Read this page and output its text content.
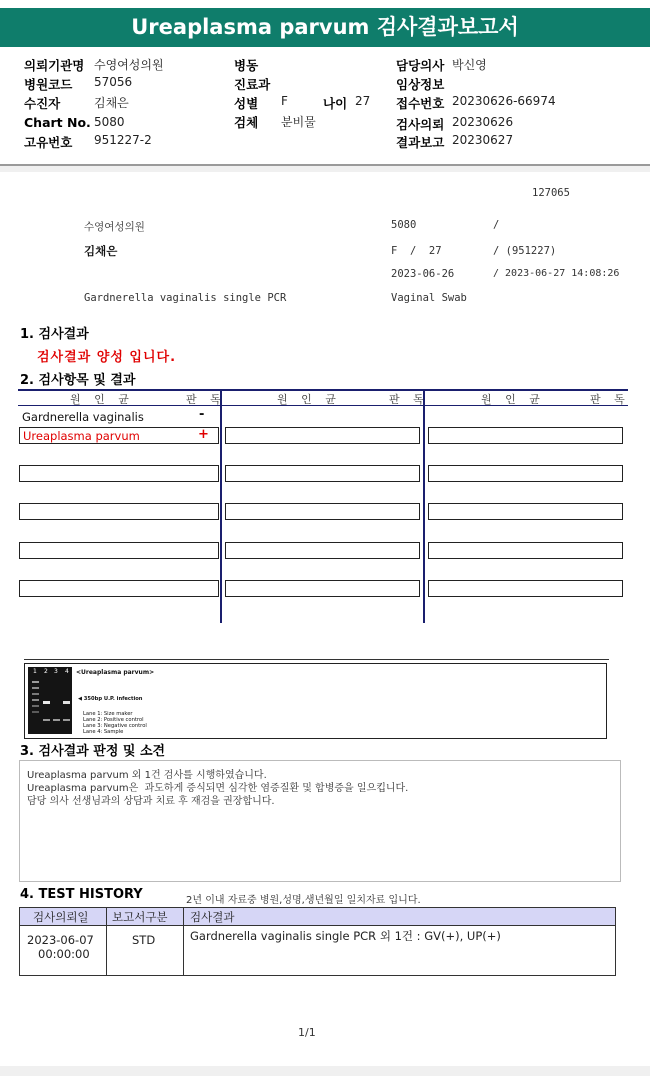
Ureaplasma parvum 검사결과보고서
의뢰기관명 수영여성의원
병원코드 57056
수진자	김채은
Chart No. 5080
고유번호 951227-2
병동
진료과
성별 F	나이 27
검체 분비물
담당의사 박신영
임상정보
접수번호 20230626-66974
검사의뢰 20230626
결과보고 20230627
127065
수영여성의원	5080	/
김채은	F  /  27	/ (951227)
2023-06-26	/ 2023-06-27 14:08:26
Gardnerella vaginalis single PCR	Vaginal Swab
1. 검사결과
검사결과 양성 입니다.
2. 검사항목 및 결과
원 인 균	판 독	원 인 균	판 독	원 인 균	판 독
Gardnerella vaginalis	-
Ureaplasma parvum	+
1 2 3 4 <Ureaplasma parvum>
◀ 350bp U.P. infection
Lane 1: Size maker
Lane 2: Positive control
Lane 3: Negative control
Lane 4: Sample
3. 검사결과 판정 및 소견
Ureaplasma parvum 외 1건 검사를 시행하였습니다.
Ureaplasma parvum은  과도하게 증식되면 심각한 염증질환 및 합병증을 일으킵니다.
담당 의사 선생님과의 상담과 치료 후 재검을 권장합니다.
4. TEST HISTORY	2년 이내 자료중 병원,성명,생년월일 일치자료 입니다.
검사의뢰일 보고서구분 검사결과
2023-06-07
00:00:00
STD	Gardnerella vaginalis single PCR 외 1건 : GV(+), UP(+)
1/1
